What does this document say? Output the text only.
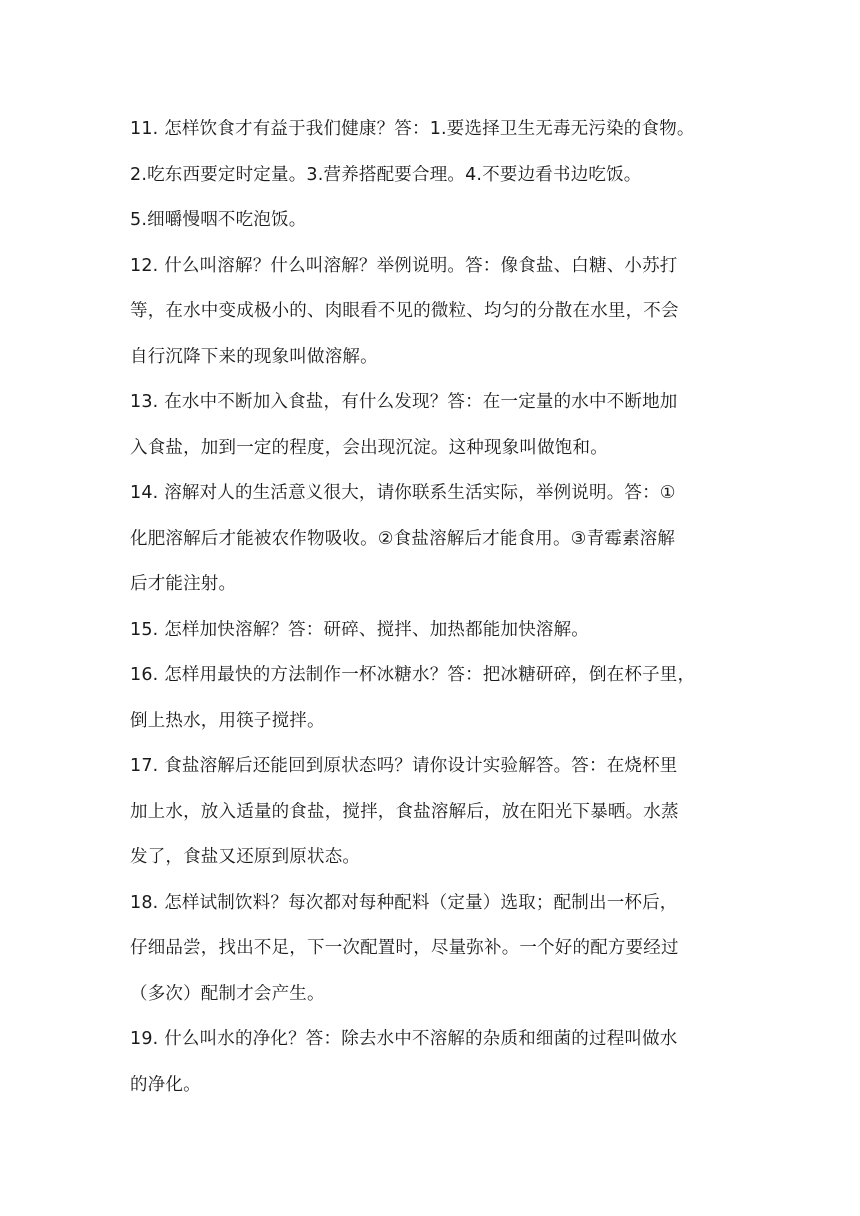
11. 怎样饮食才有益于我们健康？答：1.要选择卫生无毒无污染的食物。
2.吃东西要定时定量。3.营养搭配要合理。4.不要边看书边吃饭。
5.细嚼慢咽不吃泡饭。
12. 什么叫溶解？什么叫溶解？举例说明。答：像食盐、白糖、小苏打
等，在水中变成极小的、肉眼看不见的微粒、均匀的分散在水里，不会
自行沉降下来的现象叫做溶解。
13. 在水中不断加入食盐，有什么发现？答：在一定量的水中不断地加
入食盐，加到一定的程度，会出现沉淀。这种现象叫做饱和。
14. 溶解对人的生活意义很大，请你联系生活实际，举例说明。答：①
化肥溶解后才能被农作物吸收。②食盐溶解后才能食用。③青霉素溶解
后才能注射。
15. 怎样加快溶解？答：研碎、搅拌、加热都能加快溶解。
16. 怎样用最快的方法制作一杯冰糖水？答：把冰糖研碎，倒在杯子里，
倒上热水，用筷子搅拌。
17. 食盐溶解后还能回到原状态吗？请你设计实验解答。答：在烧杯里
加上水，放入适量的食盐，搅拌，食盐溶解后，放在阳光下暴晒。水蒸
发了，食盐又还原到原状态。
18. 怎样试制饮料？每次都对每种配料（定量）选取；配制出一杯后，
仔细品尝，找出不足，下一次配置时，尽量弥补。一个好的配方要经过
（多次）配制才会产生。
19. 什么叫水的净化？答：除去水中不溶解的杂质和细菌的过程叫做水
的净化。
